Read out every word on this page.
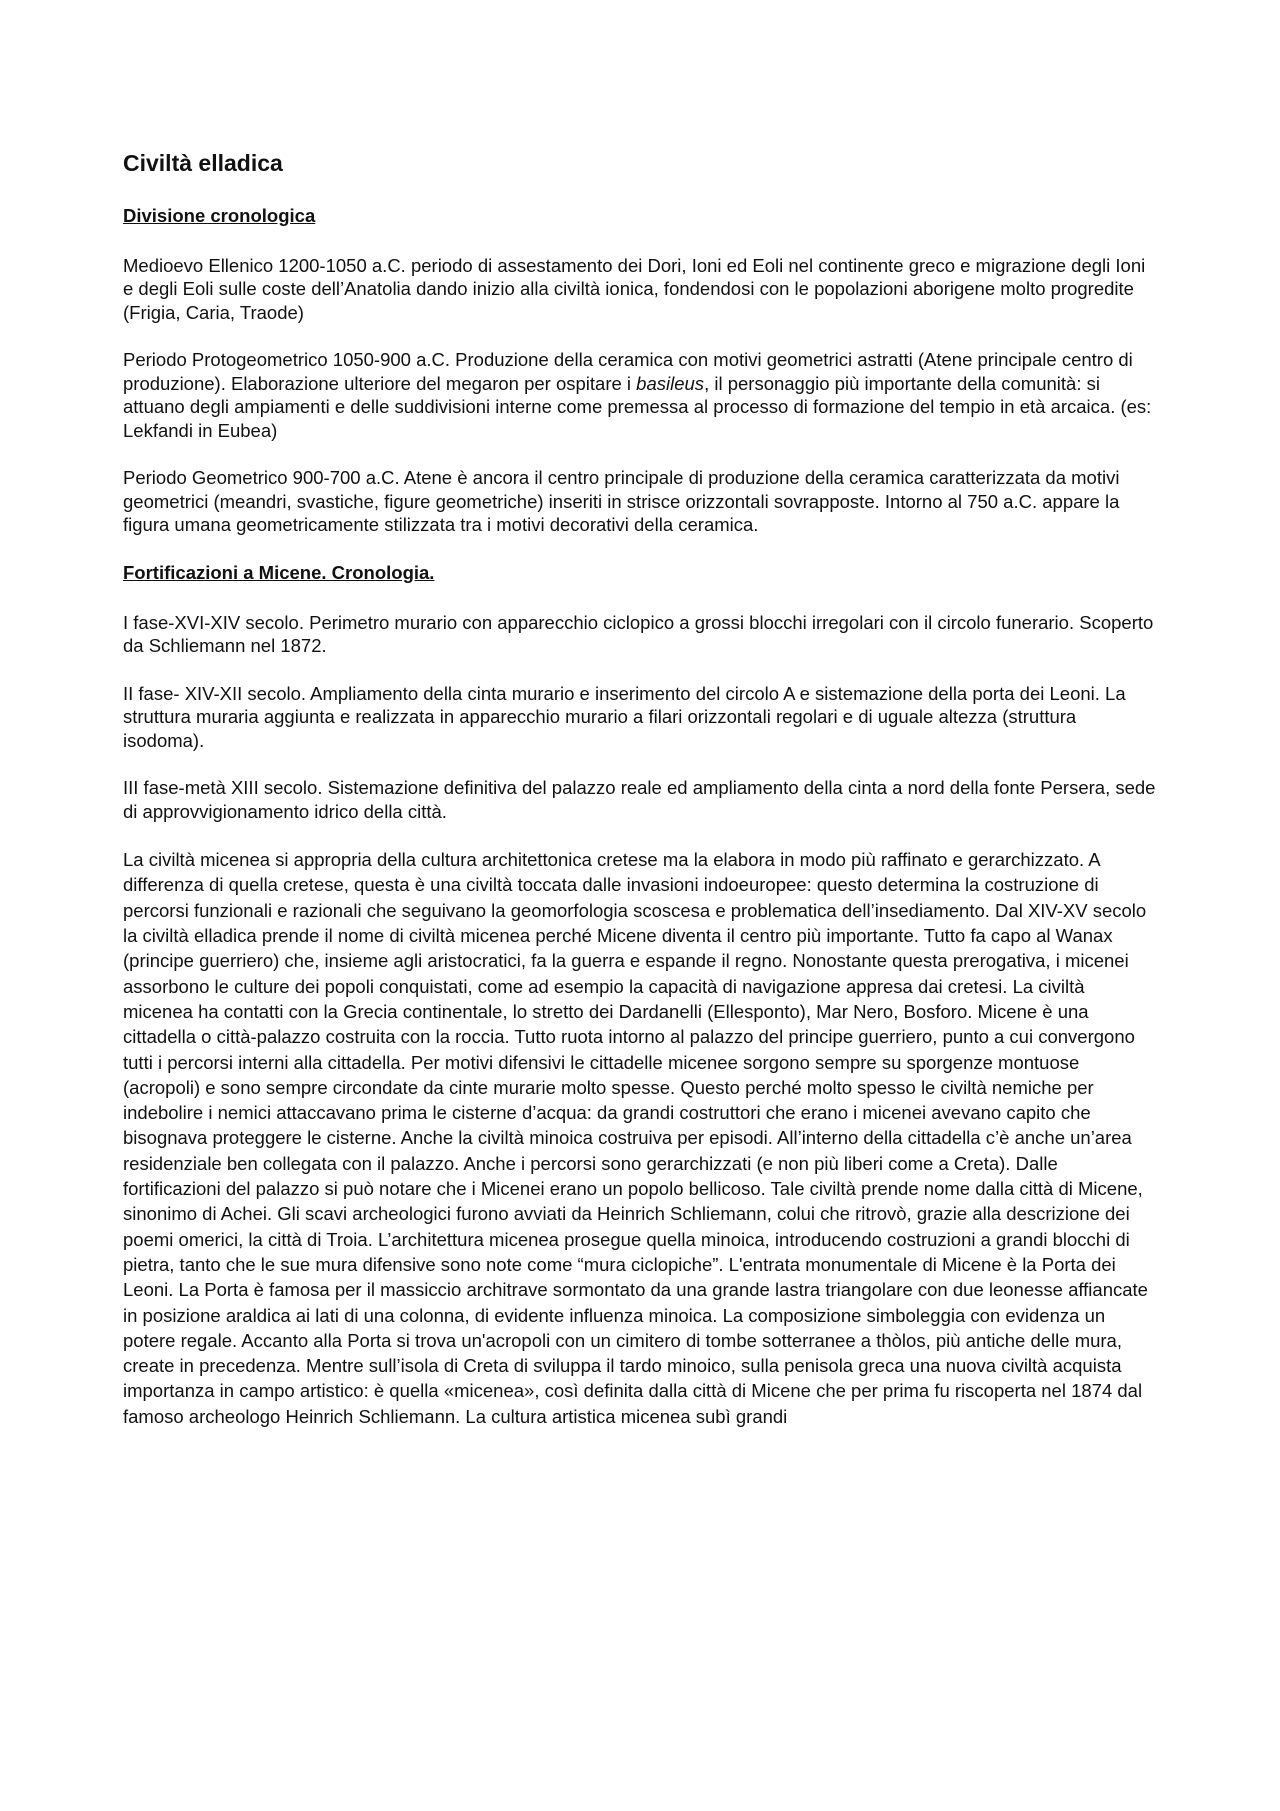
Civiltà elladica
Divisione cronologica

Medioevo Ellenico 1200-1050 a.C. periodo di assestamento dei Dori, Ioni ed Eoli nel continente greco e migrazione degli Ioni e degli Eoli sulle coste dell’Anatolia dando inizio alla civiltà ionica, fondendosi con le popolazioni aborigene molto progredite (Frigia, Caria, Traode)

Periodo Protogeometrico 1050-900 a.C. Produzione della ceramica con motivi geometrici astratti (Atene principale centro di produzione). Elaborazione ulteriore del megaron per ospitare i basileus, il personaggio più importante della comunità: si attuano degli ampiamenti e delle suddivisioni interne come premessa al processo di formazione del tempio in età arcaica. (es: Lekfandi in Eubea)

Periodo Geometrico 900-700 a.C. Atene è ancora il centro principale di produzione della ceramica caratterizzata da motivi geometrici (meandri, svastiche, figure geometriche) inseriti in strisce orizzontali sovrapposte. Intorno al 750 a.C. appare la figura umana geometricamente stilizzata tra i motivi decorativi della ceramica.

Fortificazioni a Micene. Cronologia.

I fase-XVI-XIV secolo. Perimetro murario con apparecchio ciclopico a grossi blocchi irregolari con il circolo funerario. Scoperto da Schliemann nel 1872.

II fase- XIV-XII secolo. Ampliamento della cinta murario e inserimento del circolo A e sistemazione della porta dei Leoni. La struttura muraria aggiunta e realizzata in apparecchio murario a filari orizzontali regolari e di uguale altezza (struttura isodoma).

III fase-metà XIII secolo. Sistemazione definitiva del palazzo reale ed ampliamento della cinta a nord della fonte Persera, sede di approvvigionamento idrico della città.

La civiltà micenea si appropria della cultura architettonica cretese ma la elabora in modo più raffinato e gerarchizzato. A differenza di quella cretese, questa è una civiltà toccata dalle invasioni indoeuropee: questo determina la costruzione di percorsi funzionali e razionali che seguivano la geomorfologia scoscesa e problematica dell’insediamento. Dal XIV-XV secolo la civiltà elladica prende il nome di civiltà micenea perché Micene diventa il centro più importante. Tutto fa capo al Wanax (principe guerriero) che, insieme agli aristocratici, fa la guerra e espande il regno. Nonostante questa prerogativa, i micenei assorbono le culture dei popoli conquistati, come ad esempio la capacità di navigazione appresa dai cretesi. La civiltà micenea ha contatti con la Grecia continentale, lo stretto dei Dardanelli (Ellesponto), Mar Nero, Bosforo. Micene è una cittadella o città-palazzo costruita con la roccia. Tutto ruota intorno al palazzo del principe guerriero, punto a cui convergono tutti i percorsi interni alla cittadella. Per motivi difensivi le cittadelle micenee sorgono sempre su sporgenze montuose (acropoli) e sono sempre circondate da cinte murarie molto spesse. Questo perché molto spesso le civiltà nemiche per indebolire i nemici attaccavano prima le cisterne d’acqua: da grandi costruttori che erano i micenei avevano capito che bisognava proteggere le cisterne. Anche la civiltà minoica costruiva per episodi. All’interno della cittadella c’è anche un’area residenziale ben collegata con il palazzo. Anche i percorsi sono gerarchizzati (e non più liberi come a Creta). Dalle fortificazioni del palazzo si può notare che i Micenei erano un popolo bellicoso. Tale civiltà prende nome dalla città di Micene, sinonimo di Achei. Gli scavi archeologici furono avviati da Heinrich Schliemann, colui che ritrovò, grazie alla descrizione dei poemi omerici, la città di Troia. L’architettura micenea prosegue quella minoica, introducendo costruzioni a grandi blocchi di pietra, tanto che le sue mura difensive sono note come “mura ciclopiche”. L'entrata monumentale di Micene è la Porta dei Leoni. La Porta è famosa per il massiccio architrave sormontato da una grande lastra triangolare con due leonesse affiancate in posizione araldica ai lati di una colonna, di evidente influenza minoica. La composizione simboleggia con evidenza un potere regale. Accanto alla Porta si trova un'acropoli con un cimitero di tombe sotterranee a thòlos, più antiche delle mura, create in precedenza. Mentre sull’isola di Creta di sviluppa il tardo minoico, sulla penisola greca una nuova civiltà acquista importanza in campo artistico: è quella «micenea», così definita dalla città di Micene che per prima fu riscoperta nel 1874 dal famoso archeologo Heinrich Schliemann. La cultura artistica micenea subì grandi
